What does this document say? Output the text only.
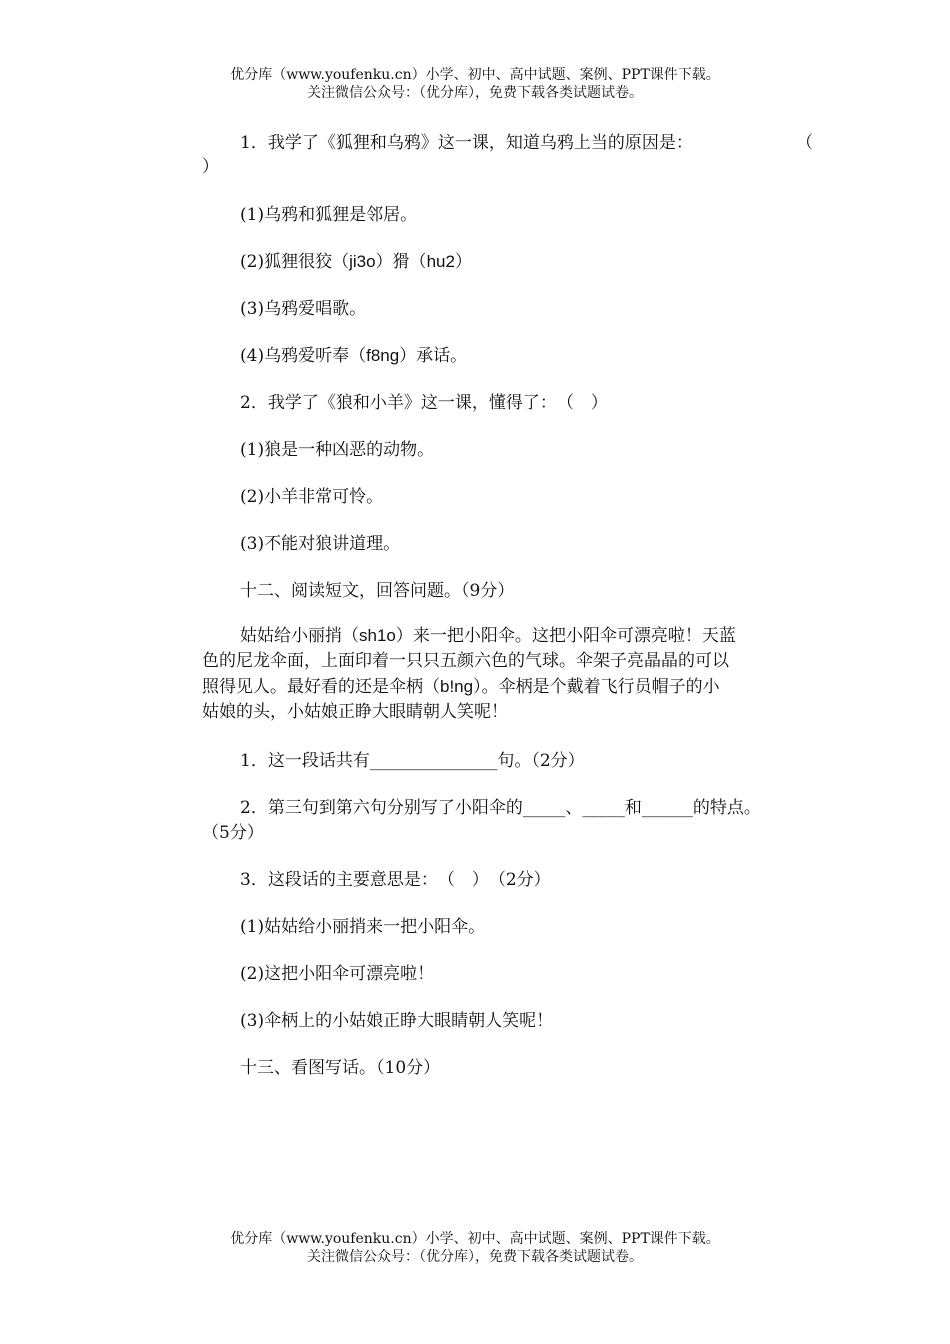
优分库（www.youfenku.cn）小学、初中、高中试题、案例、PPT课件下载。
关注微信公众号：（优分库），免费下载各类试题试卷。
1．我学了《狐狸和乌鸦》这一课，知道乌鸦上当的原因是：	（
）
(1)乌鸦和狐狸是邻居。
(2)狐狸很狡（ji3o）猾（hu2）
(3)乌鸦爱唱歌。
(4)乌鸦爱听奉（f8ng）承话。
2．我学了《狼和小羊》这一课，懂得了：　（　）
(1)狼是一种凶恶的动物。
(2)小羊非常可怜。
(3)不能对狼讲道理。
十二、阅读短文，回答问题。（9分）
姑姑给小丽捎（sh1o）来一把小阳伞。这把小阳伞可漂亮啦！天蓝
色的尼龙伞面，上面印着一只只五颜六色的气球。伞架子亮晶晶的可以
照得见人。最好看的还是伞柄（b!ng）。伞柄是个戴着飞行员帽子的小
姑娘的头，小姑娘正睁大眼睛朝人笑呢！
1．这一段话共有_______________句。（2分）
2．第三句到第六句分别写了小阳伞的_____、_____和______的特点。
（5分）
3．这段话的主要意思是：　（　）　（2分）
(1)姑姑给小丽捎来一把小阳伞。
(2)这把小阳伞可漂亮啦！
(3)伞柄上的小姑娘正睁大眼睛朝人笑呢！
十三、看图写话。（10分）
优分库（www.youfenku.cn）小学、初中、高中试题、案例、PPT课件下载。
关注微信公众号：（优分库），免费下载各类试题试卷。
